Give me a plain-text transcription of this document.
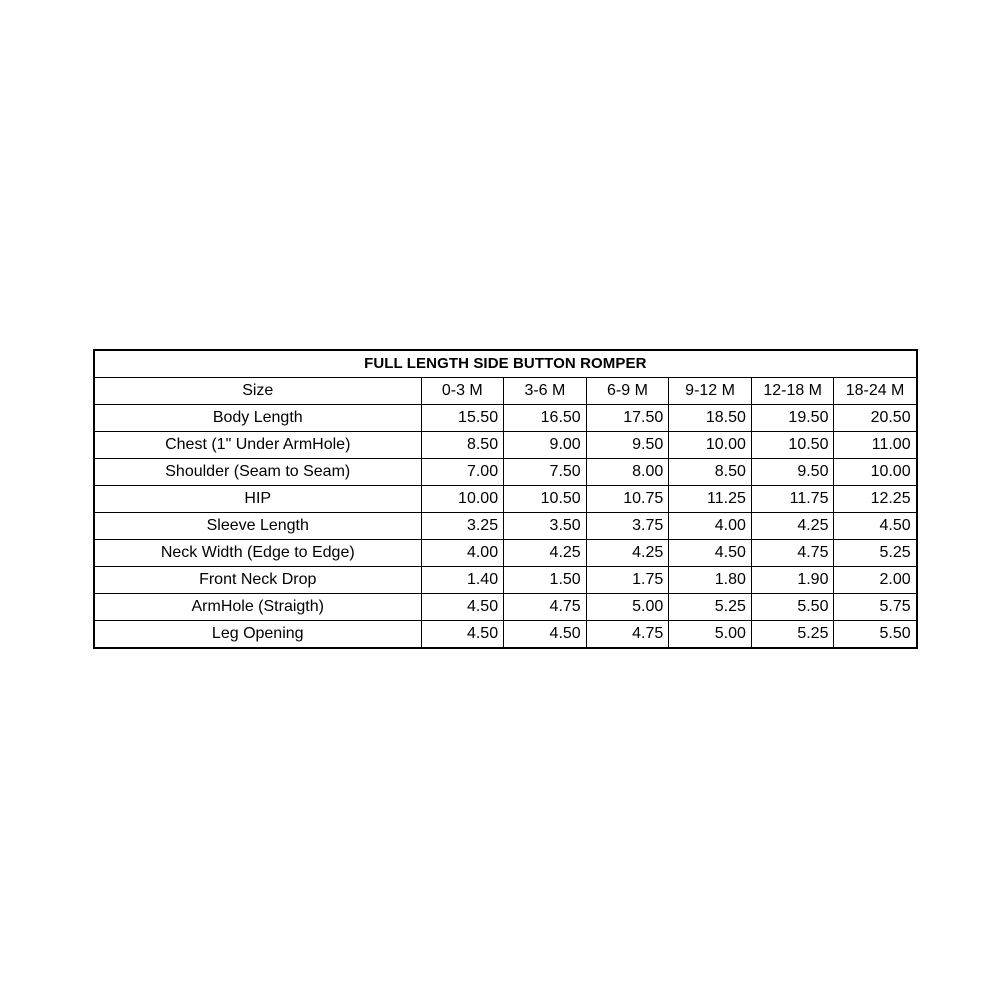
FULL LENGTH SIDE BUTTON ROMPER						
Size	0-3 M	3-6 M	6-9 M	9-12 M	12-18 M	18-24 M
Body Length	15.50	16.50	17.50	18.50	19.50	20.50
Chest (1" Under ArmHole)	8.50	9.00	9.50	10.00	10.50	11.00
Shoulder (Seam to Seam)	7.00	7.50	8.00	8.50	9.50	10.00
HIP	10.00	10.50	10.75	11.25	11.75	12.25
Sleeve Length	3.25	3.50	3.75	4.00	4.25	4.50
Neck Width (Edge to Edge)	4.00	4.25	4.25	4.50	4.75	5.25
Front Neck Drop	1.40	1.50	1.75	1.80	1.90	2.00
ArmHole (Straigth)	4.50	4.75	5.00	5.25	5.50	5.75
Leg Opening	4.50	4.50	4.75	5.00	5.25	5.50
